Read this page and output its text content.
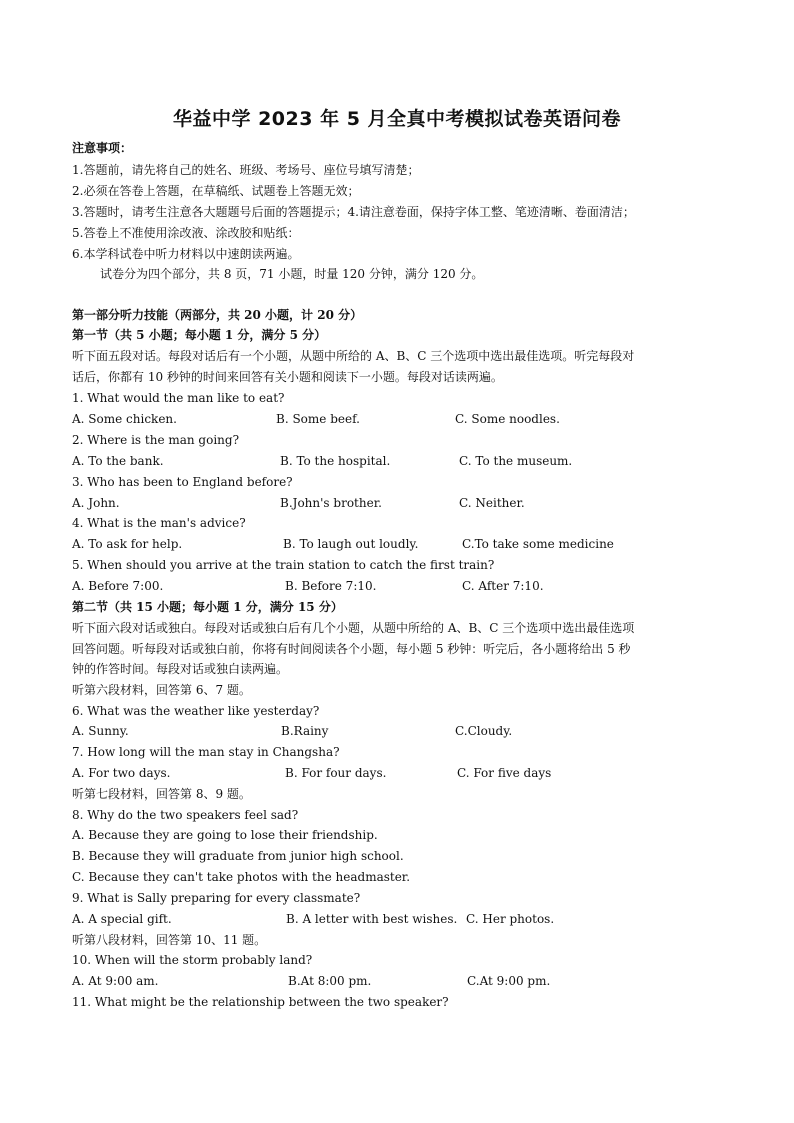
华益中学 2023 年 5 月全真中考模拟试卷英语问卷
注意事项：
1.答题前，请先将自己的姓名、班级、考场号、座位号填写清楚；
2.必须在答卷上答题，在草稿纸、试题卷上答题无效；
3.答题时，请考生注意各大题题号后面的答题提示；4.请注意卷面，保持字体工整、笔迹清晰、卷面清洁；
5.答卷上不准使用涂改液、涂改胶和贴纸：
6.本学科试卷中听力材料以中速朗读两遍。
试卷分为四个部分，共 8 页，71 小题，时量 120 分钟，满分 120 分。
第一部分听力技能（两部分，共 20 小题，计 20 分）
第一节（共 5 小题；每小题 1 分，满分 5 分）
听下面五段对话。每段对话后有一个小题，从题中所给的 A、B、C 三个选项中选出最佳选项。听完每段对
话后，你都有 10 秒钟的时间来回答有关小题和阅读下一小题。每段对话读两遍。
1. What would the man like to eat?
A. Some chicken.	B. Some beef.	C. Some noodles.
2. Where is the man going?
A. To the bank.	B. To the hospital.	C. To the museum.
3. Who has been to England before?
A. John.	B.John's brother.	C. Neither.
4. What is the man's advice?
A. To ask for help.	B. To laugh out loudly.	C.To take some medicine
5. When should you arrive at the train station to catch the first train?
A. Before 7:00.	B. Before 7:10.	C. After 7:10.
第二节（共 15 小题；每小题 1 分，满分 15 分）
听下面六段对话或独白。每段对话或独白后有几个小题，从题中所给的 A、B、C 三个选项中选出最佳选项
回答问题。听每段对话或独白前，你将有时间阅读各个小题，每小题 5 秒钟：听完后，各小题将给出 5 秒
钟的作答时间。每段对话或独白读两遍。
听第六段材料，回答第 6、7 题。
6. What was the weather like yesterday?
A. Sunny.	B.Rainy	C.Cloudy.
7. How long will the man stay in Changsha?
A. For two days.	B. For four days.	C. For five days
听第七段材料，回答第 8、9 题。
8. Why do the two speakers feel sad?
A. Because they are going to lose their friendship.
B. Because they will graduate from junior high school.
C. Because they can't take photos with the headmaster.
9. What is Sally preparing for every classmate?
A. A special gift.	B. A letter with best wishes. C. Her photos.
听第八段材料，回答第 10、11 题。
10. When will the storm probably land?
A. At 9:00 am.	B.At 8:00 pm.	C.At 9:00 pm.
11. What might be the relationship between the two speaker?
